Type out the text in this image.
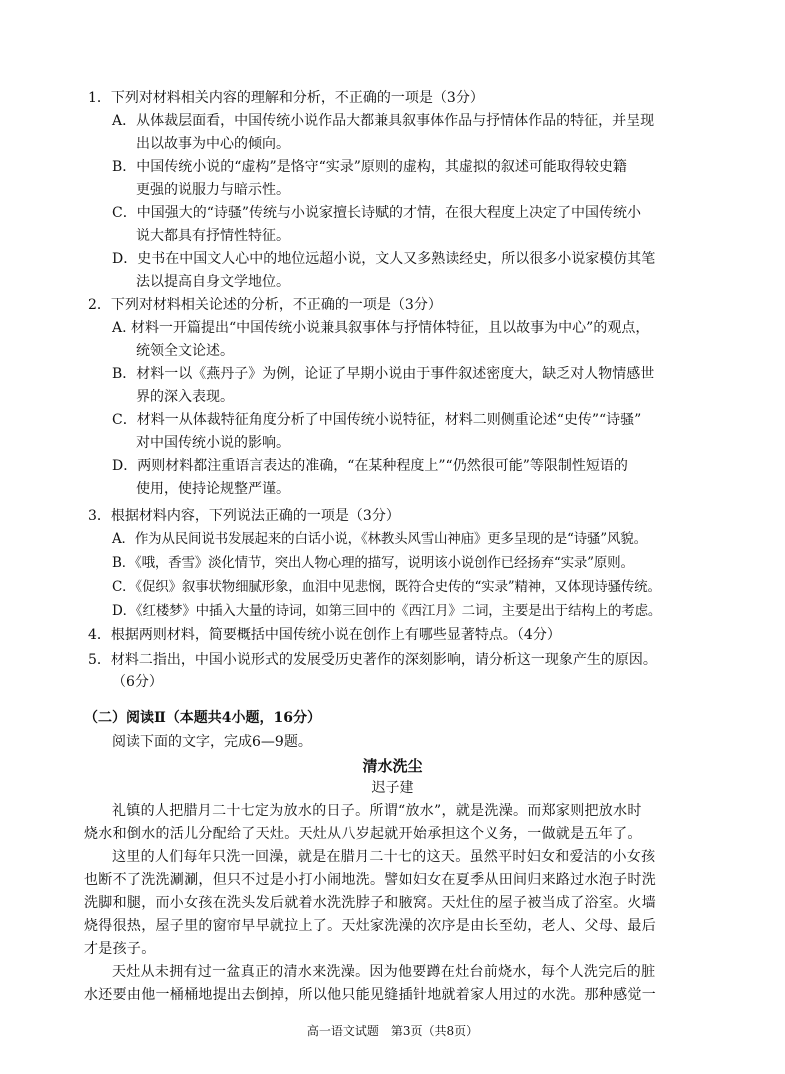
1．下列对材料相关内容的理解和分析，不正确的一项是（3分）
A．从体裁层面看，中国传统小说作品大都兼具叙事体作品与抒情体作品的特征，并呈现
出以故事为中心的倾向。
B．中国传统小说的“虚构”是恪守“实录”原则的虚构，其虚拟的叙述可能取得较史籍
更强的说服力与暗示性。
C．中国强大的“诗骚”传统与小说家擅长诗赋的才情，在很大程度上决定了中国传统小
说大都具有抒情性特征。
D．史书在中国文人心中的地位远超小说，文人又多熟读经史，所以很多小说家模仿其笔
法以提高自身文学地位。
2．下列对材料相关论述的分析，不正确的一项是（3分）
A. 材料一开篇提出“中国传统小说兼具叙事体与抒情体特征，且以故事为中心”的观点，
统领全文论述。
B．材料一以《燕丹子》为例，论证了早期小说由于事件叙述密度大，缺乏对人物情感世
界的深入表现。
C．材料一从体裁特征角度分析了中国传统小说特征，材料二则侧重论述“史传”“诗骚”
对中国传统小说的影响。
D．两则材料都注重语言表达的准确，“在某种程度上”“仍然很可能”等限制性短语的
使用，使持论规整严谨。
3．根据材料内容，下列说法正确的一项是（3分）
A．作为从民间说书发展起来的白话小说，《林教头风雪山神庙》更多呈现的是“诗骚”风貌。
B．《哦，香雪》淡化情节，突出人物心理的描写，说明该小说创作已经扬弃“实录”原则。
C．《促织》叙事状物细腻形象，血泪中见悲悯，既符合史传的“实录”精神，又体现诗骚传统。
D．《红楼梦》中插入大量的诗词，如第三回中的《西江月》二词，主要是出于结构上的考虑。
4．根据两则材料，简要概括中国传统小说在创作上有哪些显著特点。（4分）
5．材料二指出，中国小说形式的发展受历史著作的深刻影响，请分析这一现象产生的原因。
（6分）
（二）阅读Ⅱ（本题共4小题，16分）
阅读下面的文字，完成6—9题。
清水洗尘
迟子建
礼镇的人把腊月二十七定为放水的日子。所谓“放水”，就是洗澡。而郑家则把放水时
烧水和倒水的活儿分配给了天灶。天灶从八岁起就开始承担这个义务，一做就是五年了。
这里的人们每年只洗一回澡，就是在腊月二十七的这天。虽然平时妇女和爱洁的小女孩
也断不了洗洗涮涮，但只不过是小打小闹地洗。譬如妇女在夏季从田间归来路过水泡子时洗
洗脚和腿，而小女孩在洗头发后就着水洗洗脖子和腋窝。天灶住的屋子被当成了浴室。火墙
烧得很热，屋子里的窗帘早早就拉上了。天灶家洗澡的次序是由长至幼，老人、父母、最后
才是孩子。
天灶从未拥有过一盆真正的清水来洗澡。因为他要蹲在灶台前烧水，每个人洗完后的脏
水还要由他一桶桶地提出去倒掉，所以他只能见缝插针地就着家人用过的水洗。那种感觉一
高一语文试题　第3页（共8页）
